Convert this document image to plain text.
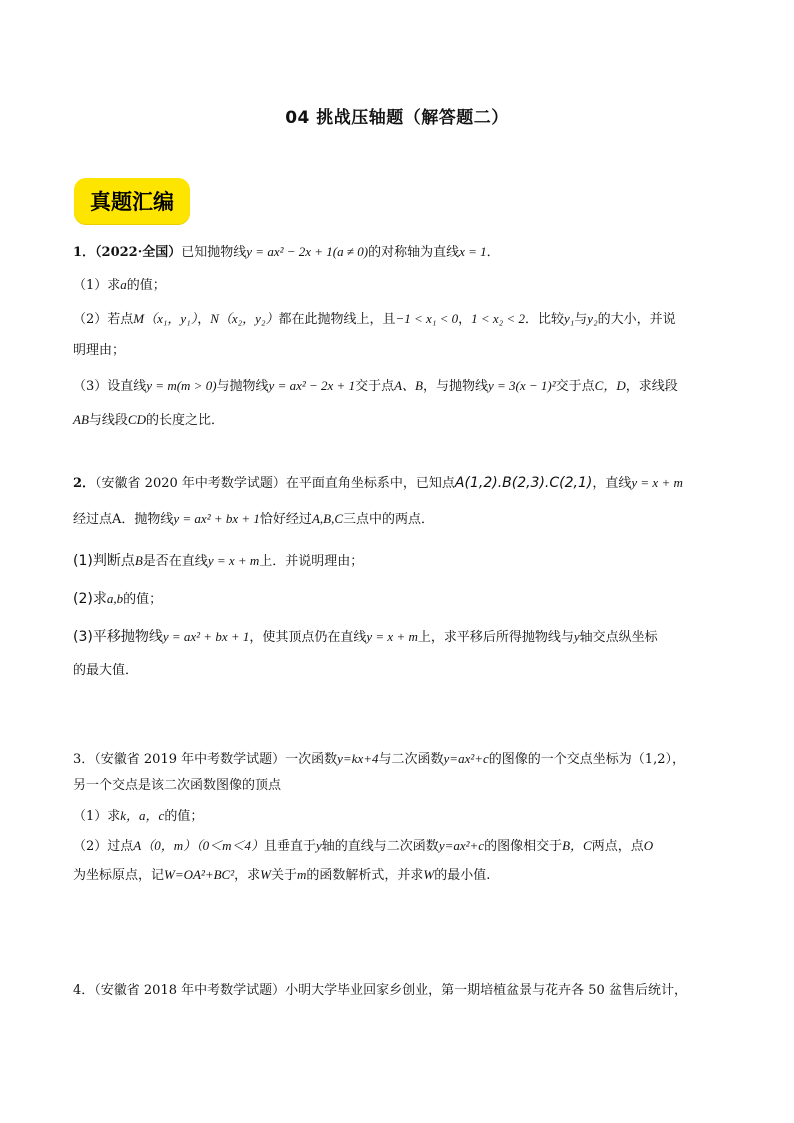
04 挑战压轴题（解答题二）
真题汇编
1．（2022·全国）已知抛物线y = ax² − 2x + 1(a ≠ 0)的对称轴为直线x = 1．
（1）求a的值；
（2）若点M（x₁，y₁），N（x₂，y₂）都在此抛物线上，且−1 < x₁ < 0，1 < x₂ < 2．比较y₁与y₂的大小，并说
明理由；
（3）设直线y = m(m > 0)与抛物线y = ax² − 2x + 1交于点A、B，与抛物线y = 3(x − 1)²交于点C，D，求线段
AB与线段CD的长度之比．
2．（安徽省 2020 年中考数学试题）在平面直角坐标系中，已知点A(1,2).B(2,3).C(2,1)，直线y = x + m
经过点A．抛物线y = ax² + bx + 1恰好经过A,B,C三点中的两点．
(1)判断点B是否在直线y = x + m上．并说明理由；
(2)求a,b的值；
(3)平移抛物线y = ax² + bx + 1，使其顶点仍在直线y = x + m上，求平移后所得抛物线与y轴交点纵坐标
的最大值．
3．（安徽省 2019 年中考数学试题）一次函数y=kx+4与二次函数y=ax²+c的图像的一个交点坐标为（1,2），
另一个交点是该二次函数图像的顶点
（1）求k，a，c的值；
（2）过点A（0，m）（0＜m＜4）且垂直于y轴的直线与二次函数y=ax²+c的图像相交于B，C两点，点O
为坐标原点，记W=OA²+BC²，求W关于m的函数解析式，并求W的最小值.
4．（安徽省 2018 年中考数学试题）小明大学毕业回家乡创业，第一期培植盆景与花卉各 50 盆售后统计，
